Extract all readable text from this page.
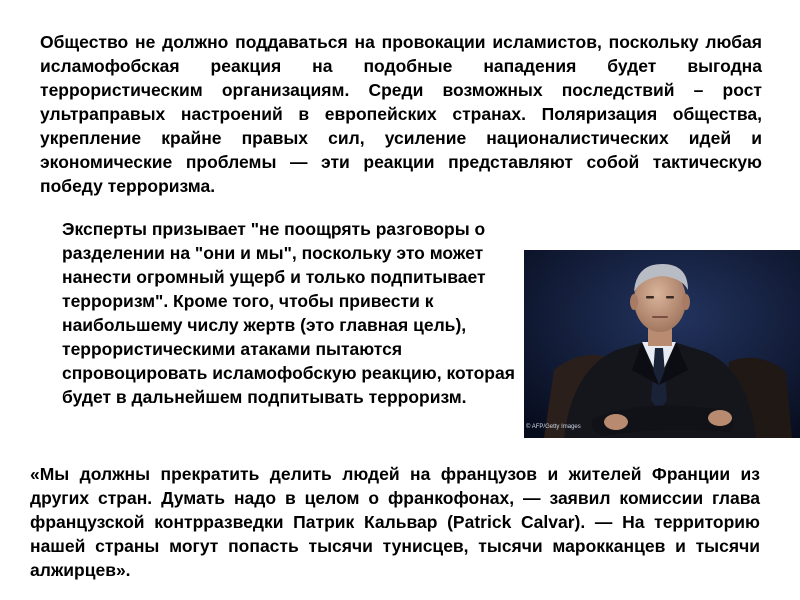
Общество не должно поддаваться на провокации исламистов, поскольку любая исламофобская реакция на подобные нападения будет выгодна террористическим организациям. Среди возможных последствий – рост ультраправых настроений в европейских странах. Поляризация общества, укрепление крайне правых сил, усиление националистических идей и экономические проблемы — эти реакции представляют собой тактическую победу терроризма.

Эксперты призывает "не поощрять разговоры о разделении на "они и мы", поскольку это может нанести огромный ущерб и только подпитывает терроризм". Кроме того, чтобы привести к наибольшему числу жертв (это главная цель), террористическими атаками пытаются спровоцировать исламофобскую реакцию, которая будет в дальнейшем подпитывать терроризм.

© AFP/Getty Images

«Мы должны прекратить делить людей на французов и жителей Франции из других стран. Думать надо в целом о франкофонах, — заявил комиссии глава французской контрразведки Патрик Кальвар (Patrick Calvar). — На территорию нашей страны могут попасть тысячи тунисцев, тысячи марокканцев и тысячи алжирцев».
